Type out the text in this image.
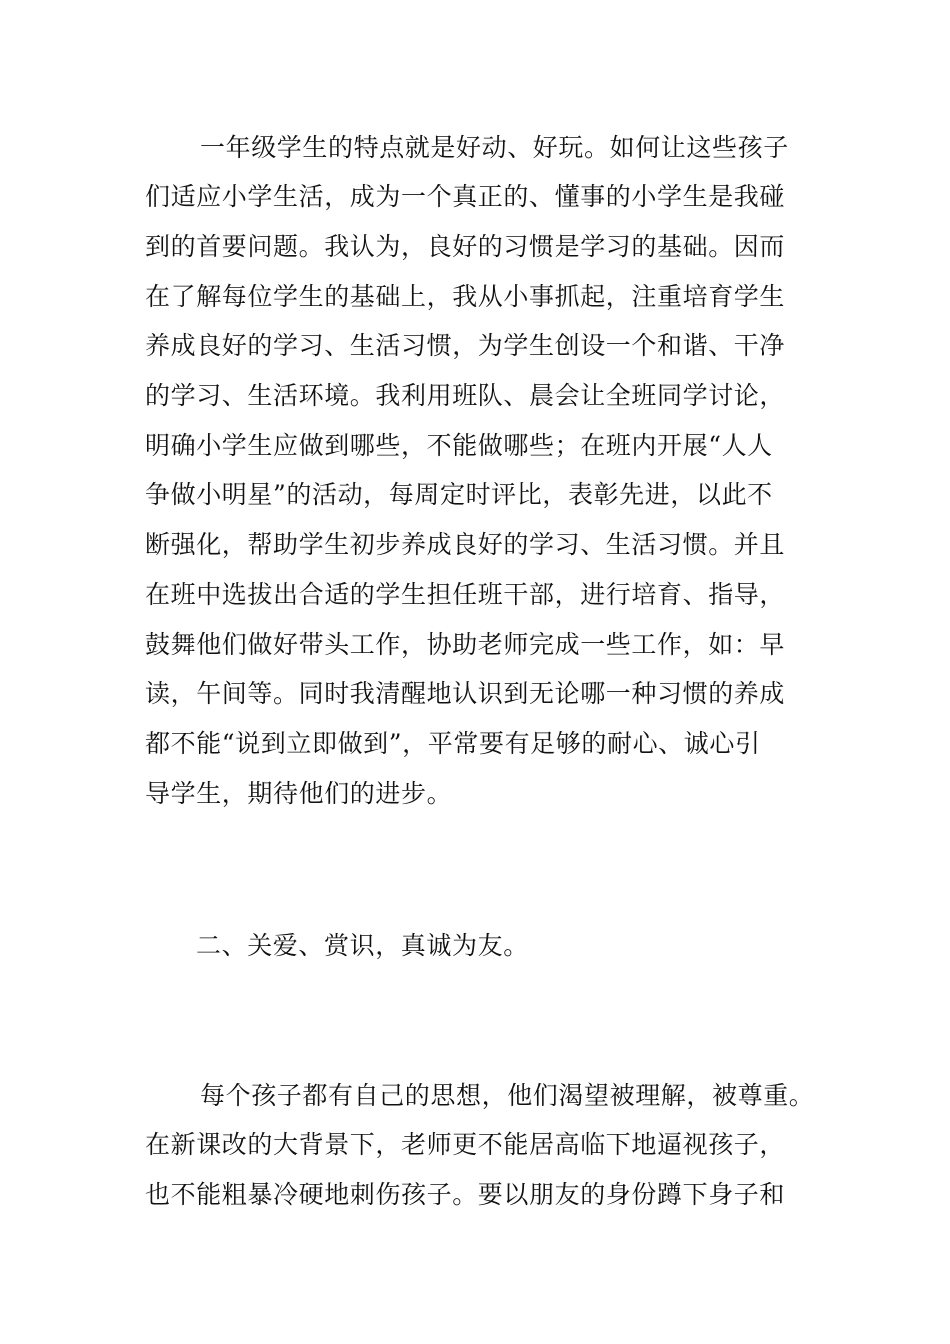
一年级学生的特点就是好动、好玩。如何让这些孩子
们适应小学生活，成为一个真正的、懂事的小学生是我碰
到的首要问题。我认为，良好的习惯是学习的基础。因而
在了解每位学生的基础上，我从小事抓起，注重培育学生
养成良好的学习、生活习惯，为学生创设一个和谐、干净
的学习、生活环境。我利用班队、晨会让全班同学讨论，
明确小学生应做到哪些，不能做哪些；在班内开展“人人
争做小明星”的活动，每周定时评比，表彰先进，以此不
断强化，帮助学生初步养成良好的学习、生活习惯。并且
在班中选拔出合适的学生担任班干部，进行培育、指导，
鼓舞他们做好带头工作，协助老师完成一些工作，如：早
读，午间等。同时我清醒地认识到无论哪一种习惯的养成
都不能“说到立即做到”，平常要有足够的耐心、诚心引
导学生，期待他们的进步。
二、关爱、赏识，真诚为友。
每个孩子都有自己的思想，他们渴望被理解，被尊重。
在新课改的大背景下，老师更不能居高临下地逼视孩子，
也不能粗暴冷硬地刺伤孩子。要以朋友的身份蹲下身子和
